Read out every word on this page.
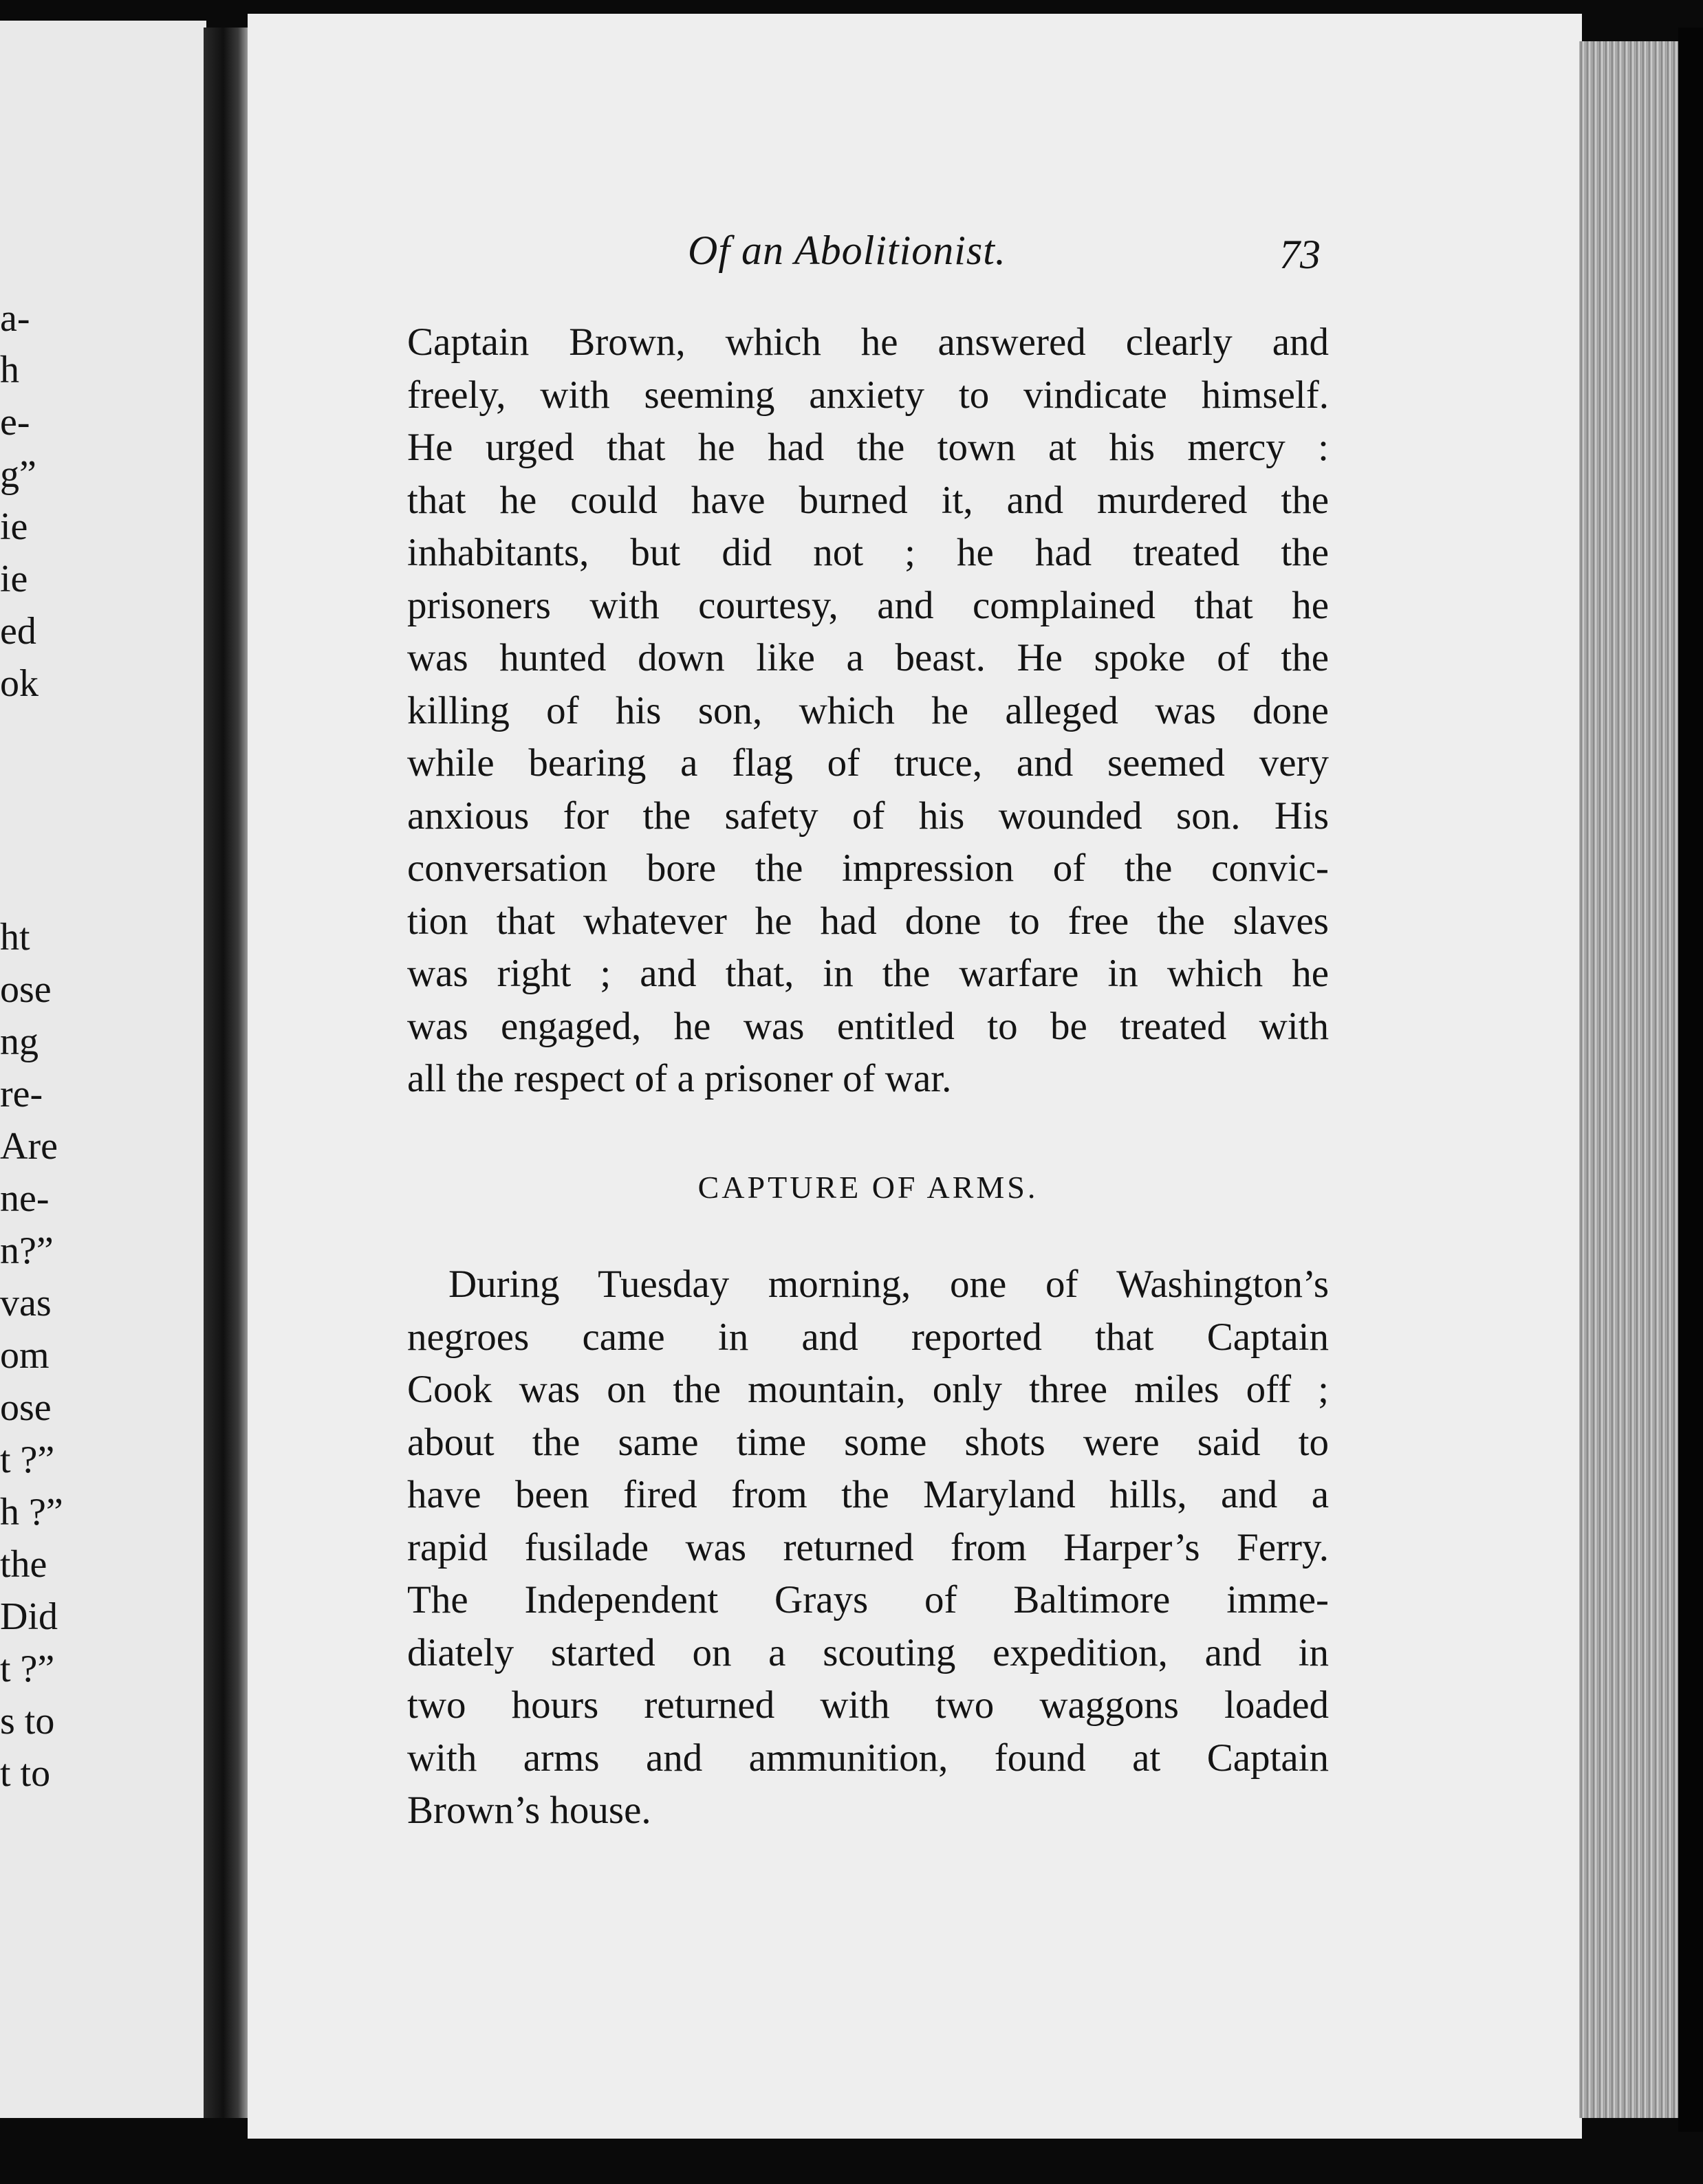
a-
h
e-
g”
ie
ie
ed
ok
ht
ose
ng
re-
Are
ne-
n?”
vas
om
ose
t ?”
h ?”
the
Did
t ?”
s to
t to
Of an Abolitionist.	73
Captain Brown, which he answered clearly and
freely, with seeming anxiety to vindicate himself.
He urged that he had the town at his mercy :
that he could have burned it, and murdered the
inhabitants, but did not ; he had treated the
prisoners with courtesy, and complained that he
was hunted down like a beast. He spoke of the
killing of his son, which he alleged was done
while bearing a flag of truce, and seemed very
anxious for the safety of his wounded son. His
conversation bore the impression of the convic-
tion that whatever he had done to free the slaves
was right ; and that, in the warfare in which he
was engaged, he was entitled to be treated with
all the respect of a prisoner of war.
CAPTURE OF ARMS.
During Tuesday morning, one of Washington’s
negroes came in and reported that Captain
Cook was on the mountain, only three miles off ;
about the same time some shots were said to
have been fired from the Maryland hills, and a
rapid fusilade was returned from Harper’s Ferry.
The Independent Grays of Baltimore imme-
diately started on a scouting expedition, and in
two hours returned with two waggons loaded
with arms and ammunition, found at Captain
Brown’s house.
